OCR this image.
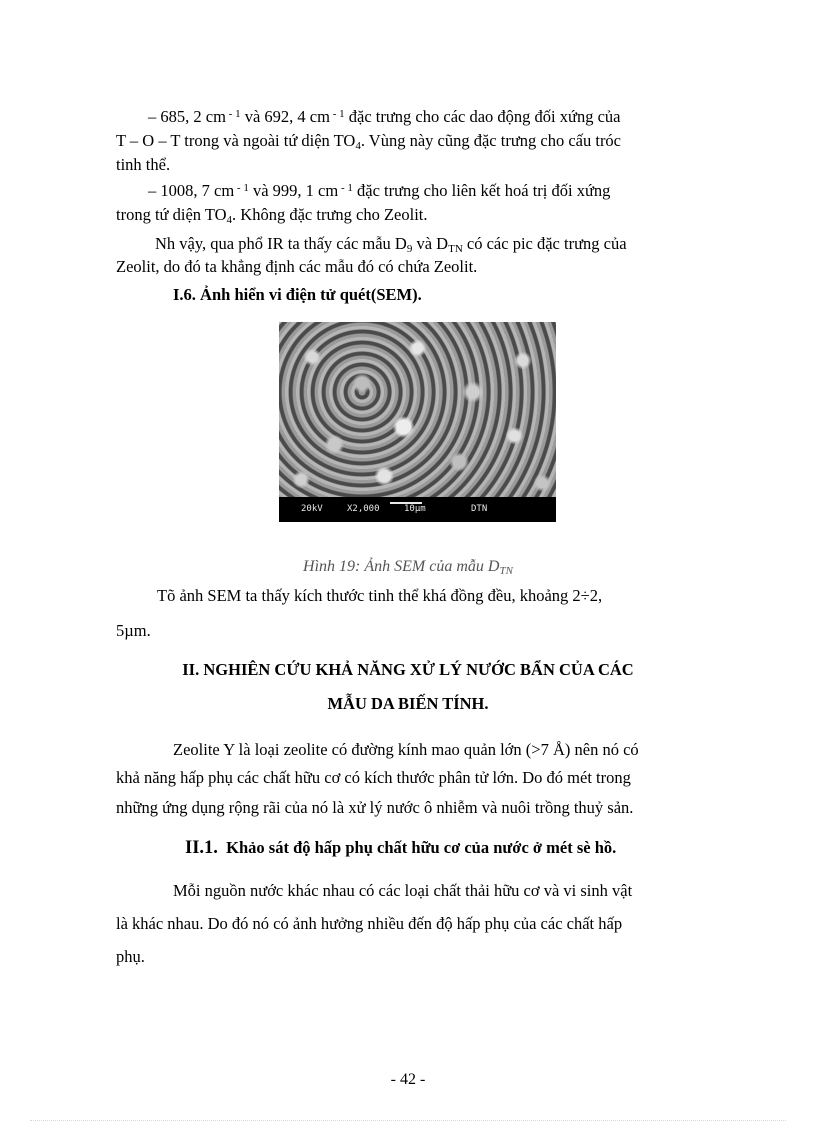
– 685, 2 cm $^{- 1}$ và 692, 4 cm $^{- 1}$ đặc trưng cho các dao động đối xứng của

T – O – T trong và ngoài tứ diện $TO_4$. Vùng này cũng đặc trưng cho cấu tróc

tinh thể.

– 1008, 7 cm $^{- 1}$ và 999, 1 cm $^{- 1}$ đặc trưng cho liên kết hoá trị đối xứng

trong tứ diện $TO_4$. Không đặc trưng cho Zeolit.

Nh vậy, qua phổ IR ta thấy các mẫu $D_9$ và $D_{TN}$ có các pic đặc trưng của

Zeolit, do đó ta khẳng định các mẫu đó có chứa Zeolit.

I.6. Ảnh hiển vi điện tử quét(SEM).

20kV	X2,000	10µm	DTN

Hình 19: Ảnh SEM của mẫu $D_{TN}$

Tõ ảnh SEM ta thấy kích thước tinh thể khá đồng đều, khoảng 2÷2,

5µm.

II. NGHIÊN CỨU KHẢ NĂNG XỬ LÝ NƯỚC BẨN CỦA CÁC

MẪU DA BIẾN TÍNH.

Zeolite Y là loại zeolite có đường kính mao quản lớn (>7 Å) nên nó có

khả năng hấp phụ các chất hữu cơ có kích thước phân tử lớn. Do đó mét trong

những ứng dụng rộng rãi của nó là xử lý nước ô nhiễm và nuôi trồng thuỷ sản.

II.1. Khảo sát độ hấp phụ chất hữu cơ của nước ở mét sè hồ.

Mỗi nguồn nước khác nhau có các loại chất thải hữu cơ và vi sinh vật

là khác nhau. Do đó nó có ảnh hưởng nhiều đến độ hấp phụ của các chất hấp

phụ.

- 42 -
